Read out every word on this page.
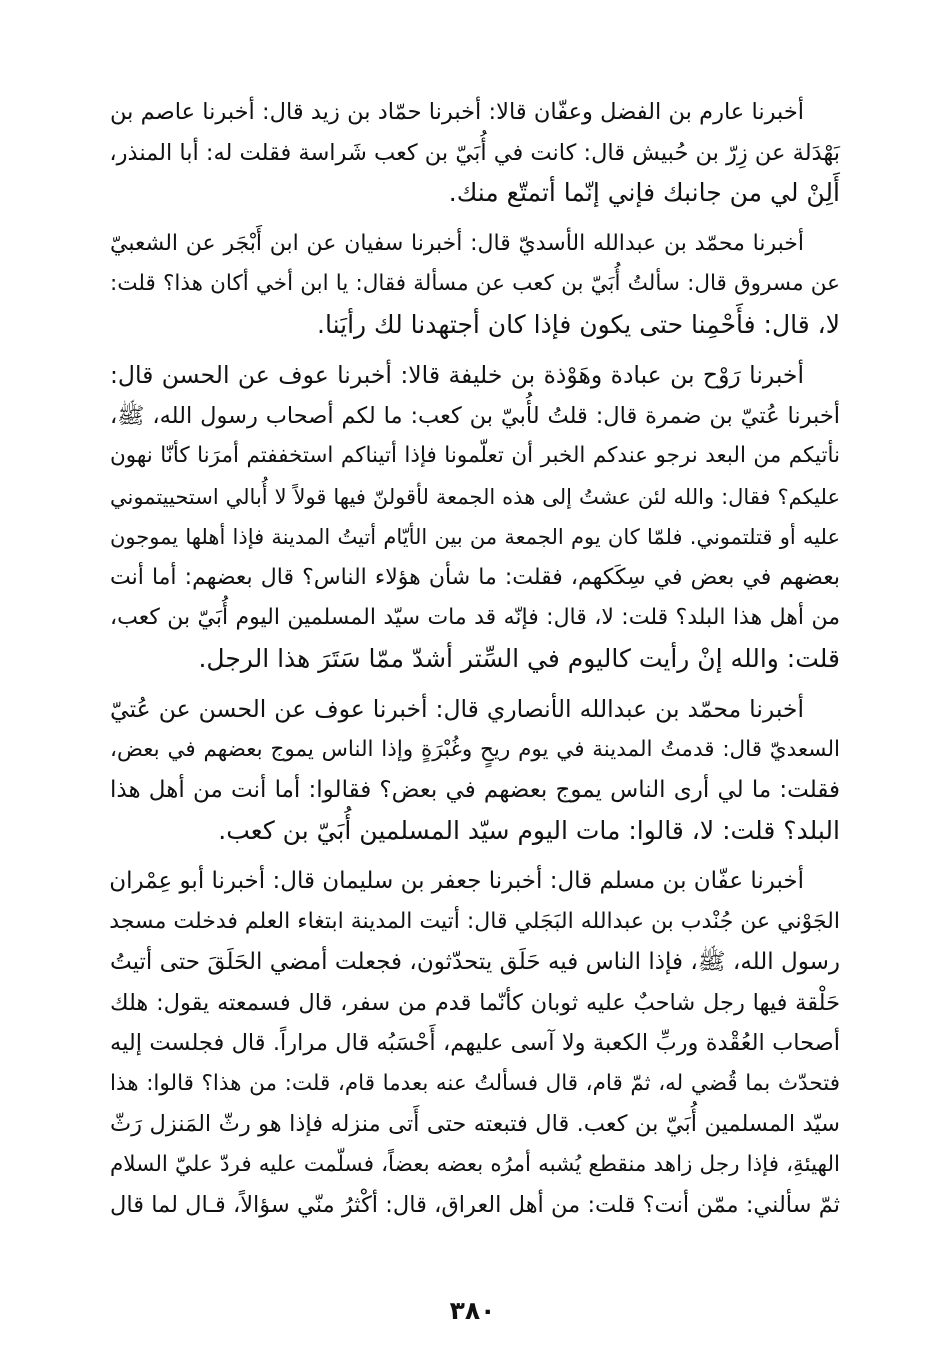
أخبرنا عارم بن الفضل وعفّان قالا: أخبرنا حمّاد بن زيد قال: أخبرنا عاصم بن
بَهْدَلة عن زِرّ بن حُبيش قال: كانت في أُبَيّ بن كعب شَراسة فقلت له: أبا المنذر،
أَلِنْ لي من جانبك فإني إنّما أتمتّع منك.
أخبرنا محمّد بن عبدالله الأسديّ قال: أخبرنا سفيان عن ابن أَبْجَر عن الشعبيّ
عن مسروق قال: سألتُ أُبَيّ بن كعب عن مسألة فقال: يا ابن أخي أكان هذا؟ قلت:
لا، قال: فأَحْمِنا حتى يكون فإذا كان أجتهدنا لك رأيَنا.
أخبرنا رَوْح بن عبادة وهَوْذة بن خليفة قالا: أخبرنا عوف عن الحسن قال:
أخبرنا عُتيّ بن ضمرة قال: قلتُ لأُبيّ بن كعب: ما لكم أصحاب رسول الله، ﷺ،
نأتيكم من البعد نرجو عندكم الخبر أن تعلّمونا فإذا أتيناكم استخففتم أمرَنا كأنّا نهون
عليكم؟ فقال: والله لئن عشتُ إلى هذه الجمعة لأقولنّ فيها قولاً لا أُبالي استحييتموني
عليه أو قتلتموني. فلمّا كان يوم الجمعة من بين الأيّام أتيتُ المدينة فإذا أهلها يموجون
بعضهم في بعض في سِكَكهم، فقلت: ما شأن هؤلاء الناس؟ قال بعضهم: أما أنت
من أهل هذا البلد؟ قلت: لا، قال: فإنّه قد مات سيّد المسلمين اليوم أُبَيّ بن كعب،
قلت: والله إنْ رأيت كاليوم في السِّتر أشدّ ممّا سَتَرَ هذا الرجل.
أخبرنا محمّد بن عبدالله الأنصاري قال: أخبرنا عوف عن الحسن عن عُتيّ
السعديّ قال: قدمتُ المدينة في يوم ريحٍ وغُبْرَةٍ وإذا الناس يموج بعضهم في بعض،
فقلت: ما لي أرى الناس يموج بعضهم في بعض؟ فقالوا: أما أنت من أهل هذا
البلد؟ قلت: لا، قالوا: مات اليوم سيّد المسلمين أُبَيّ بن كعب.
أخبرنا عفّان بن مسلم قال: أخبرنا جعفر بن سليمان قال: أخبرنا أبو عِمْران
الجَوْني عن جُنْدب بن عبدالله البَجَلي قال: أتيت المدينة ابتغاء العلم فدخلت مسجد
رسول الله، ﷺ، فإذا الناس فيه حَلَق يتحدّثون، فجعلت أمضي الحَلَقَ حتى أتيتُ
حَلْقة فيها رجل شاحبٌ عليه ثوبان كأنّما قدم من سفر، قال فسمعته يقول: هلك
أصحاب العُقْدة وربِّ الكعبة ولا آسى عليهم، أَحْسَبُه قال مراراً. قال فجلست إليه
فتحدّث بما قُضي له، ثمّ قام، قال فسألتُ عنه بعدما قام، قلت: من هذا؟ قالوا: هذا
سيّد المسلمين أُبَيّ بن كعب. قال فتبعته حتى أَتى منزله فإذا هو رثّ المَنزل رَثّ
الهيئةِ، فإذا رجل زاهد منقطع يُشبه أمرُه بعضه بعضاً، فسلّمت عليه فردّ عليّ السلام
ثمّ سألني: ممّن أنت؟ قلت: من أهل العراق، قال: أكْثرُ منّي سؤالاً، قـال لما قال
٣٨٠
